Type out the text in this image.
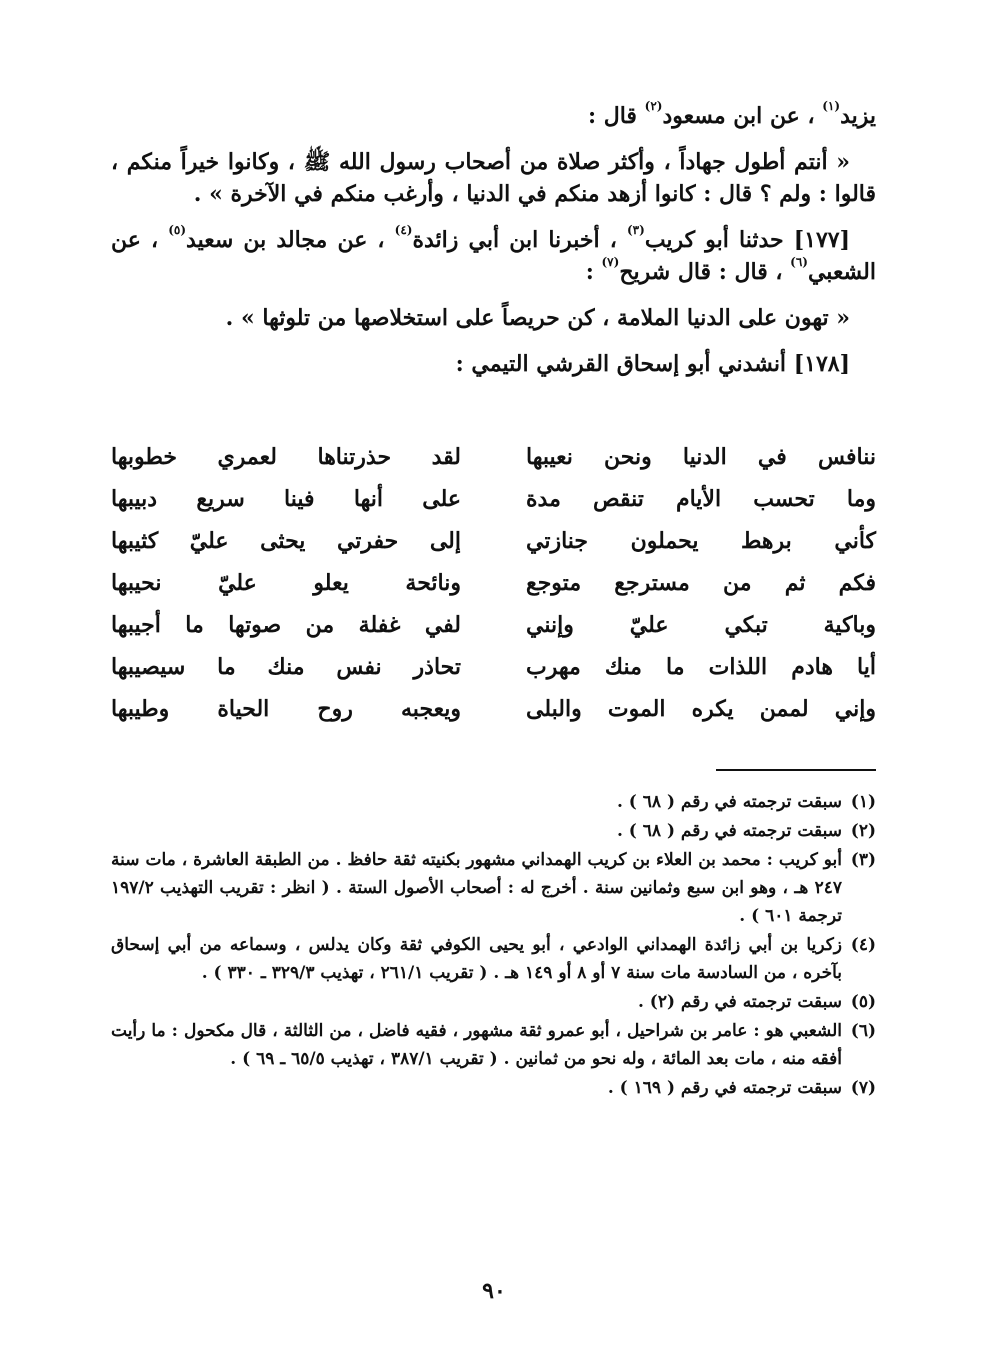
يزيد$^{(١)}$ ، عن ابن مسعود$^{(٢)}$ قال :

« أنتم أطول جهاداً ، وأكثر صلاة من أصحاب رسول الله ﷺ ، وكانوا خيراً منكم ، قالوا : ولم ؟ قال : كانوا أزهد منكم في الدنيا ، وأرغب منكم في الآخرة » .

[١٧٧] حدثنا أبو كريب$^{(٣)}$ ، أخبرنا ابن أبي زائدة$^{(٤)}$ ، عن مجالد بن سعيد$^{(٥)}$ ، عن الشعبي$^{(٦)}$ ، قال : قال شريح$^{(٧)}$ :

« تهون على الدنيا الملامة ، كن حريصاً على استخلاصها من تلوثها » .

[١٧٨] أنشدني أبو إسحاق القرشي التيمي :

ننافس في الدنيا ونحن نعيبها
لقد حذرتناها لعمري خطوبها
وما تحسب الأيام تنقص مدة
على أنها فينا سريع دبيبها
كأني برهط يحملون جنازتي
إلى حفرتي يحثى عليّ كثيبها
فكم ثم من مسترجع متوجع
ونائحة يعلو عليّ نحيبها
وباكية تبكي عليّ وإنني
لفي غفلة من صوتها ما أجيبها
أيا هادم اللذات ما منك مهرب
تحاذر نفس منك ما سيصيبها
وإني لممن يكره الموت والبلى
ويعجبه روح الحياة وطيبها
(١)
سبقت ترجمته في رقم ( ٦٨ ) .
(٢)
سبقت ترجمته في رقم ( ٦٨ ) .
(٣)
أبو كريب : محمد بن العلاء بن كريب الهمداني مشهور بكنيته ثقة حافظ . من الطبقة العاشرة ، مات سنة ٢٤٧ هـ ، وهو ابن سبع وثمانين سنة . أخرج له : أصحاب الأصول الستة . ( انظر : تقريب التهذيب ١٩٧/٢ ترجمة ٦٠١ ) .
(٤)
زكريا بن أبي زائدة الهمداني الوادعي ، أبو يحيى الكوفي ثقة وكان يدلس ، وسماعه من أبي إسحاق بآخره ، من السادسة مات سنة ٧ أو ٨ أو ١٤٩ هـ . ( تقريب ٢٦١/١ ، تهذيب ٣٢٩/٣ ـ ٣٣٠ ) .
(٥)
سبقت ترجمته في رقم (٢) .
(٦)
الشعبي هو : عامر بن شراحيل ، أبو عمرو ثقة مشهور ، فقيه فاضل ، من الثالثة ، قال مكحول : ما رأيت أفقه منه ، مات بعد المائة ، وله نحو من ثمانين . ( تقريب ٣٨٧/١ ، تهذيب ٦٥/٥ ـ ٦٩ ) .
(٧)
سبقت ترجمته في رقم ( ١٦٩ ) .
٩٠
